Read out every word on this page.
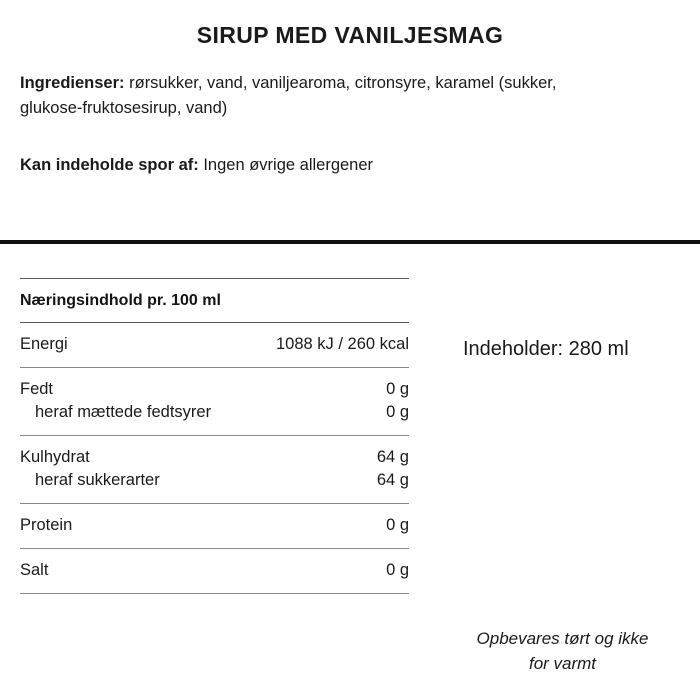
SIRUP MED VANILJESMAG
Ingredienser: rørsukker, vand, vaniljearoma, citronsyre, karamel (sukker, glukose-fruktosesirup, vand)
Kan indeholde spor af: Ingen øvrige allergener
Næringsindhold pr. 100 ml
Energi	1088 kJ / 260 kcal
Fedt	0 g
heraf mættede fedtsyrer	0 g
Kulhydrat	64 g
heraf sukkerarter	64 g
Protein	0 g
Salt	0 g
Indeholder: 280 ml
Opbevares tørt og ikke
for varmt
